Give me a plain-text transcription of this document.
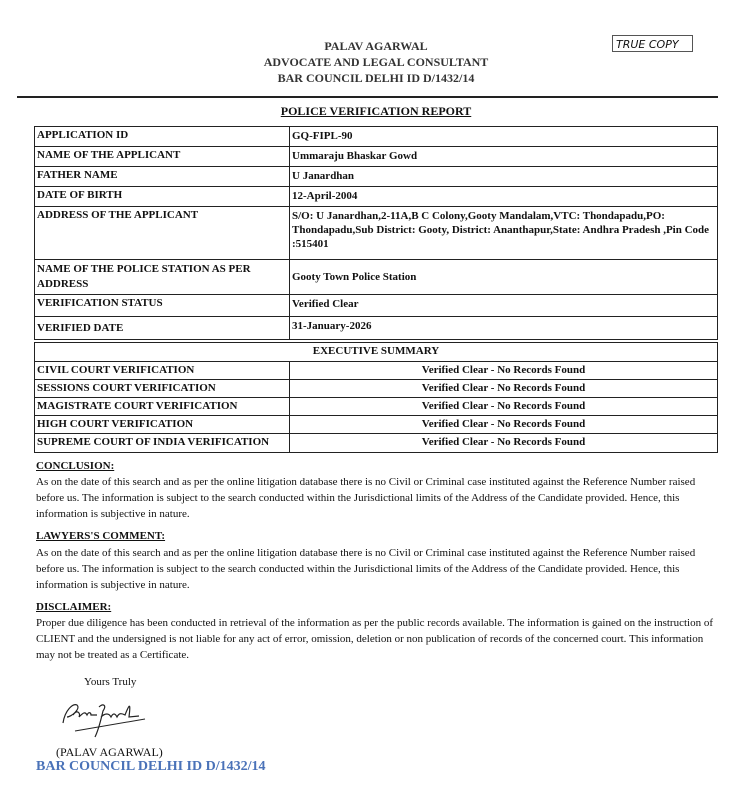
PALAV AGARWAL
ADVOCATE AND LEGAL CONSULTANT
BAR COUNCIL DELHI ID D/1432/14
TRUE COPY
POLICE VERIFICATION REPORT
APPLICATION ID	GQ-FIPL-90
NAME OF THE APPLICANT	Ummaraju Bhaskar Gowd
FATHER NAME	U Janardhan
DATE OF BIRTH	12-April-2004
ADDRESS OF THE APPLICANT	S/O: U Janardhan,2-11A,B C Colony,Gooty Mandalam,VTC: Thondapadu,PO: Thondapadu,Sub District: Gooty, District: Ananthapur,State: Andhra Pradesh ,Pin Code :515401
NAME OF THE POLICE STATION AS PER ADDRESS	Gooty Town Police Station
VERIFICATION STATUS	Verified Clear
VERIFIED DATE	31-January-2026
EXECUTIVE SUMMARY	
CIVIL COURT VERIFICATION	Verified Clear - No Records Found
SESSIONS COURT VERIFICATION	Verified Clear - No Records Found
MAGISTRATE COURT VERIFICATION	Verified Clear - No Records Found
HIGH COURT VERIFICATION	Verified Clear - No Records Found
SUPREME COURT OF INDIA VERIFICATION	Verified Clear - No Records Found
CONCLUSION:

As on the date of this search and as per the online litigation database there is no Civil or Criminal case instituted against the Reference Number raised before us. The information is subject to the search conducted within the Jurisdictional limits of the Address of the Candidate provided. Hence, this information is subjective in nature.

LAWYERS'S COMMENT:

As on the date of this search and as per the online litigation database there is no Civil or Criminal case instituted against the Reference Number raised before us. The information is subject to the search conducted within the Jurisdictional limits of the Address of the Candidate provided. Hence, this information is subjective in nature.

DISCLAIMER:

Proper due diligence has been conducted in retrieval of the information as per the public records available. The information is gained on the instruction of CLIENT and the undersigned is not liable for any act of error, omission, deletion or non publication of records of the concerned court. This information may not be treated as a Certificate.

Yours Truly
(PALAV AGARWAL)
BAR COUNCIL DELHI ID D/1432/14
